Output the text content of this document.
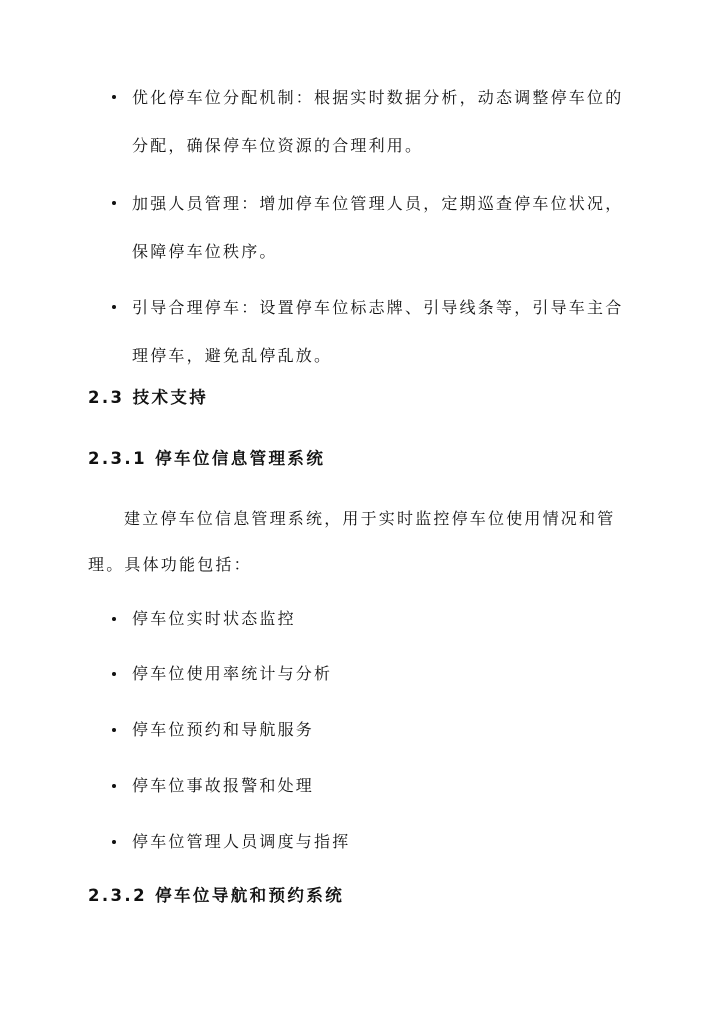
优化停车位分配机制：根据实时数据分析，动态调整停车位的分配，确保停车位资源的合理利用。
加强人员管理：增加停车位管理人员，定期巡查停车位状况，保障停车位秩序。
引导合理停车：设置停车位标志牌、引导线条等，引导车主合理停车，避免乱停乱放。
2.3 技术支持
2.3.1 停车位信息管理系统
建立停车位信息管理系统，用于实时监控停车位使用情况和管理。具体功能包括：
停车位实时状态监控
停车位使用率统计与分析
停车位预约和导航服务
停车位事故报警和处理
停车位管理人员调度与指挥
2.3.2 停车位导航和预约系统
